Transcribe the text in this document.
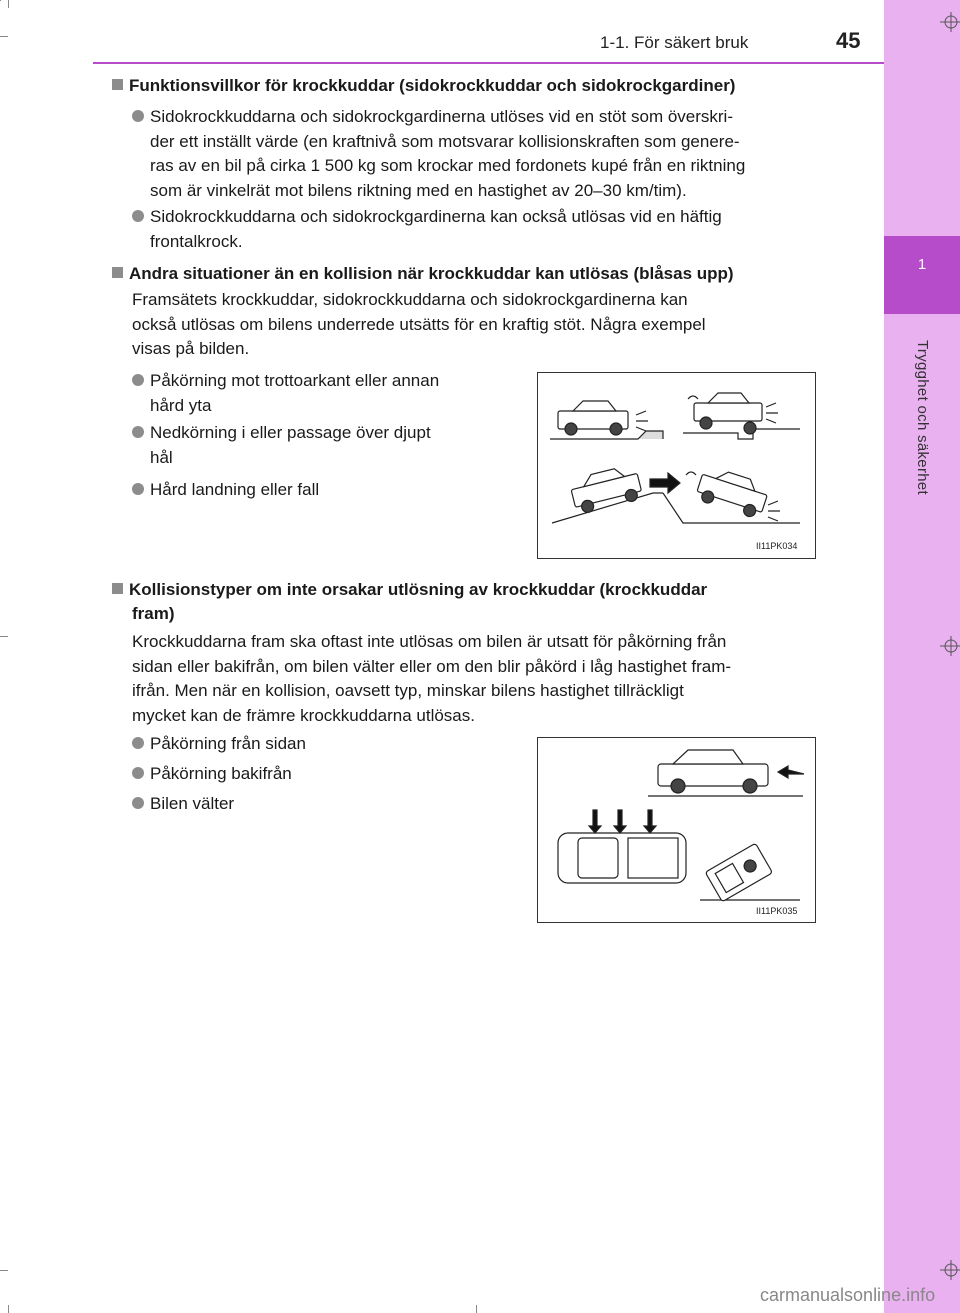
1
Trygghet och säkerhet
1-1. För säkert bruk	45
Funktionsvillkor för krockkuddar (sidokrockkuddar och sidokrockgardiner)
Sidokrockkuddarna och sidokrockgardinerna utlöses vid en stöt som överskri-
der ett inställt värde (en kraftnivå som motsvarar kollisionskraften som genere-
ras av en bil på cirka 1 500 kg som krockar med fordonets kupé från en riktning
som är vinkelrät mot bilens riktning med en hastighet av 20–30 km/tim).
Sidokrockkuddarna och sidokrockgardinerna kan också utlösas vid en häftig
frontalkrock.
Andra situationer än en kollision när krockkuddar kan utlösas (blåsas upp)
Framsätets krockkuddar, sidokrockkuddarna och sidokrockgardinerna kan
också utlösas om bilens underrede utsätts för en kraftig stöt. Några exempel
visas på bilden.
Påkörning mot trottoarkant eller annan
hård yta
Nedkörning i eller passage över djupt
hål
Hård landning eller fall
II11PK034
Kollisionstyper om inte orsakar utlösning av krockkuddar (krockkuddar
fram)
Krockkuddarna fram ska oftast inte utlösas om bilen är utsatt för påkörning från
sidan eller bakifrån, om bilen välter eller om den blir påkörd i låg hastighet fram-
ifrån. Men när en kollision, oavsett typ, minskar bilens hastighet tillräckligt
mycket kan de främre krockkuddarna utlösas.
Påkörning från sidan
Påkörning bakifrån
Bilen välter
II11PK035
carmanualsonline.info
